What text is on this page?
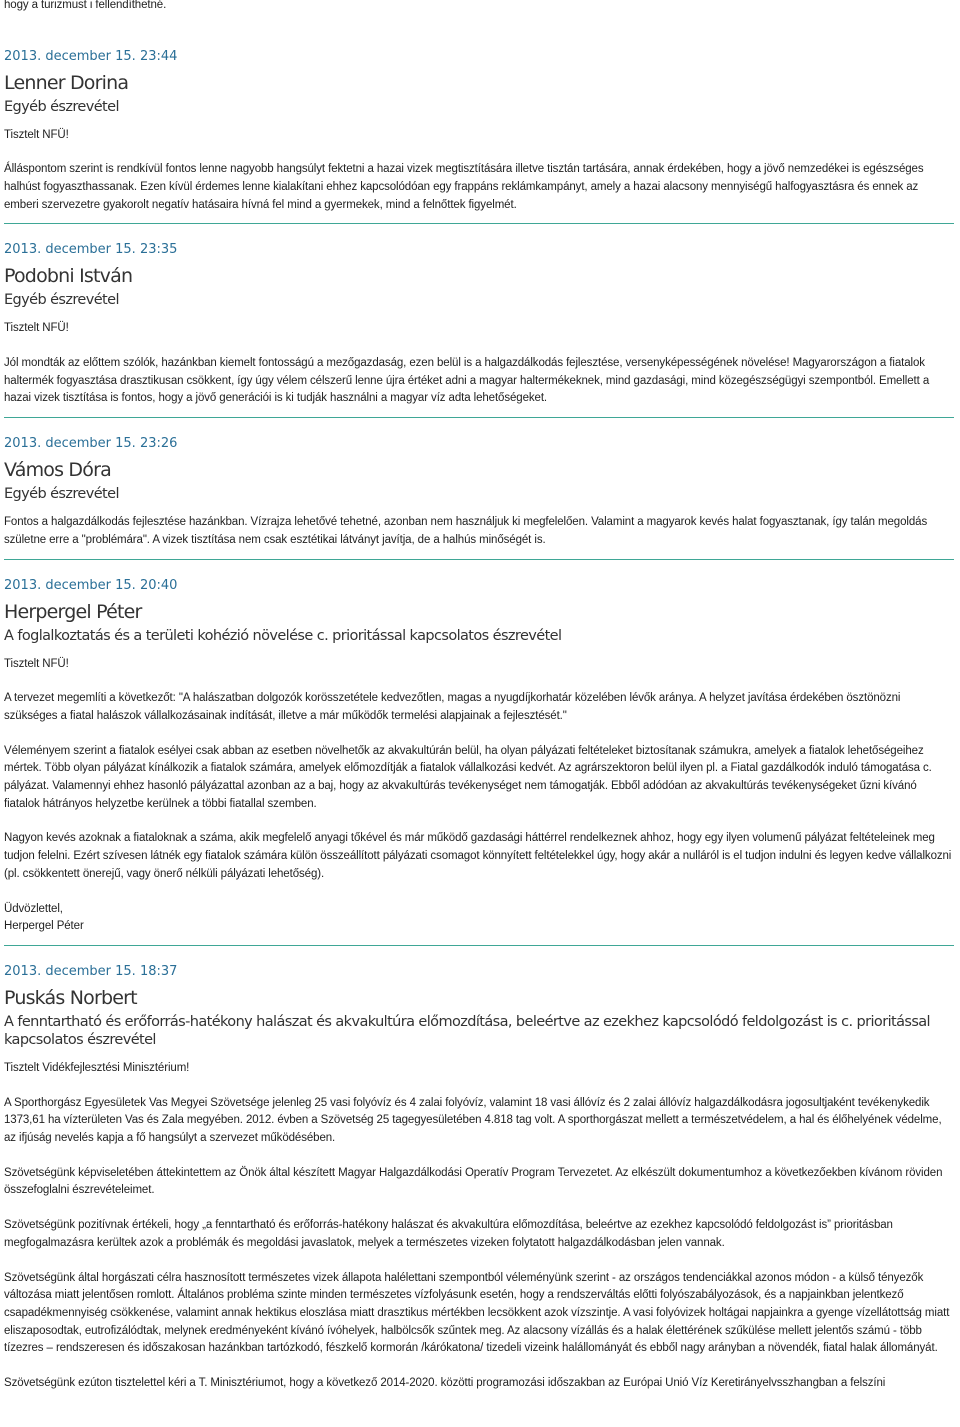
hogy a turizmust i fellendíthetné.

2013. december 15. 23:44
Lenner Dorina
Egyéb észrevétel

Tisztelt NFÜ!

Álláspontom szerint is rendkívül fontos lenne nagyobb hangsúlyt fektetni a hazai vizek megtisztítására illetve tisztán tartására, annak érdekében, hogy a jövő nemzedékei is egészséges halhúst fogyaszthassanak. Ezen kívül érdemes lenne kialakítani ehhez kapcsolódóan egy frappáns reklámkampányt, amely a hazai alacsony mennyiségű halfogyasztásra és ennek az emberi szervezetre gyakorolt negatív hatásaira hívná fel mind a gyermekek, mind a felnőttek figyelmét.

2013. december 15. 23:35
Podobni István
Egyéb észrevétel

Tisztelt NFÜ!

Jól mondták az előttem szólók, hazánkban kiemelt fontosságú a mezőgazdaság, ezen belül is a halgazdálkodás fejlesztése, versenyképességének növelése! Magyarországon a fiatalok haltermék fogyasztása drasztikusan csökkent, így úgy vélem célszerű lenne újra értéket adni a magyar haltermékeknek, mind gazdasági, mind közegészségügyi szempontból. Emellett a hazai vizek tisztítása is fontos, hogy a jövő generációi is ki tudják használni a magyar víz adta lehetőségeket.

2013. december 15. 23:26
Vámos Dóra
Egyéb észrevétel

Fontos a halgazdálkodás fejlesztése hazánkban. Vízrajza lehetővé tehetné, azonban nem használjuk ki megfelelően. Valamint a magyarok kevés halat fogyasztanak, így talán megoldás születne erre a "problémára". A vizek tisztítása nem csak esztétikai látványt javítja, de a halhús minőségét is.

2013. december 15. 20:40
Herpergel Péter
A foglalkoztatás és a területi kohézió növelése c. prioritással kapcsolatos észrevétel

Tisztelt NFÜ!

A tervezet megemlíti a következőt: "A halászatban dolgozók korösszetétele kedvezőtlen, magas a nyugdíjkorhatár közelében lévők aránya. A helyzet javítása érdekében ösztönözni szükséges a fiatal halászok vállalkozásainak indítását, illetve a már működők termelési alapjainak a fejlesztését."

Véleményem szerint a fiatalok esélyei csak abban az esetben növelhetők az akvakultúrán belül, ha olyan pályázati feltételeket biztosítanak számukra, amelyek a fiatalok lehetőségeihez mértek. Több olyan pályázat kínálkozik a fiatalok számára, amelyek előmozdítják a fiatalok vállalkozási kedvét. Az agrárszektoron belül ilyen pl. a Fiatal gazdálkodók induló támogatása c. pályázat. Valamennyi ehhez hasonló pályázattal azonban az a baj, hogy az akvakultúrás tevékenységet nem támogatják. Ebből adódóan az akvakultúrás tevékenységeket űzni kívánó fiatalok hátrányos helyzetbe kerülnek a többi fiatallal szemben.

Nagyon kevés azoknak a fiataloknak a száma, akik megfelelő anyagi tőkével és már működő gazdasági háttérrel rendelkeznek ahhoz, hogy egy ilyen volumenű pályázat feltételeinek meg tudjon felelni. Ezért szívesen látnék egy fiatalok számára külön összeállított pályázati csomagot könnyített feltételekkel úgy, hogy akár a nulláról is el tudjon indulni és legyen kedve vállalkozni (pl. csökkentett önerejű, vagy önerő nélküli pályázati lehetőség).

Üdvözlettel,
Herpergel Péter

2013. december 15. 18:37
Puskás Norbert
A fenntartható és erőforrás-hatékony halászat és akvakultúra előmozdítása, beleértve az ezekhez kapcsolódó feldolgozást is c. prioritással kapcsolatos észrevétel

Tisztelt Vidékfejlesztési Minisztérium!

A Sporthorgász Egyesületek Vas Megyei Szövetsége jelenleg 25 vasi folyóvíz és 4 zalai folyóvíz, valamint 18 vasi állóvíz és 2 zalai állóvíz halgazdálkodásra jogosultjaként tevékenykedik 1373,61 ha vízterületen Vas és Zala megyében. 2012. évben a Szövetség 25 tagegyesületében 4.818 tag volt. A sporthorgászat mellett a természetvédelem, a hal és élőhelyének védelme, az ifjúság nevelés kapja a fő hangsúlyt a szervezet működésében.

Szövetségünk képviseletében áttekintettem az Önök által készített Magyar Halgazdálkodási Operatív Program Tervezetet. Az elkészült dokumentumhoz a következőekben kívánom röviden összefoglalni észrevételeimet.

Szövetségünk pozitívnak értékeli, hogy „a fenntartható és erőforrás-hatékony halászat és akvakultúra előmozdítása, beleértve az ezekhez kapcsolódó feldolgozást is” prioritásban megfogalmazásra kerültek azok a problémák és megoldási javaslatok, melyek a természetes vizeken folytatott halgazdálkodásban jelen vannak.

Szövetségünk által horgászati célra hasznosított természetes vizek állapota halélettani szempontból véleményünk szerint - az országos tendenciákkal azonos módon - a külső tényezők változása miatt jelentősen romlott. Általános probléma szinte minden természetes vízfolyásunk esetén, hogy a rendszerváltás előtti folyószabályozások, és a napjainkban jelentkező csapadékmennyiség csökkenése, valamint annak hektikus eloszlása miatt drasztikus mértékben lecsökkent azok vízszintje. A vasi folyóvizek holtágai napjainkra a gyenge vízellátottság miatt eliszaposodtak, eutrofizálódtak, melynek eredményeként kívánó ívóhelyek, halbölcsők szűntek meg. Az alacsony vízállás és a halak élettérének szűkülése mellett jelentős számú - több tízezres – rendszeresen és időszakosan hazánkban tartózkodó, fészkelő kormorán /kárókatona/ tizedeli vizeink halállományát és ebből nagy arányban a növendék, fiatal halak állományát.

Szövetségünk ezúton tisztelettel kéri a T. Minisztériumot, hogy a következő 2014-2020. közötti programozási időszakban az Európai Unió Víz Keretirányelvsszhangban a felszíni
